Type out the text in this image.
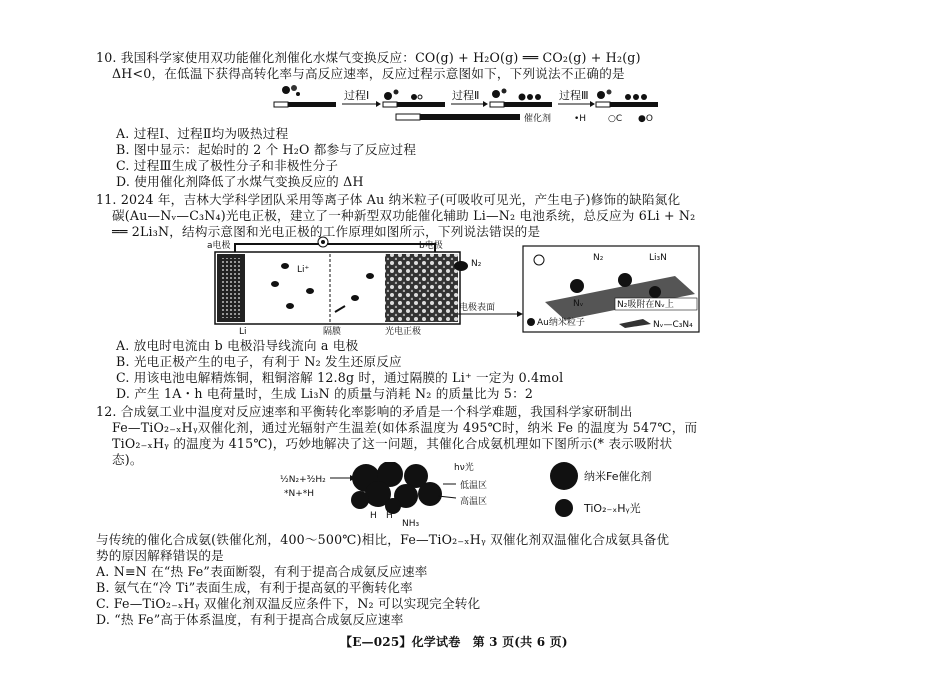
10. 我国科学家使用双功能催化剂催化水煤气变换反应：CO(g) + H₂O(g) ══ CO₂(g) + H₂(g)
ΔH<0，在低温下获得高转化率与高反应速率，反应过程示意图如下，下列说法不正确的是
过程Ⅰ	过程Ⅱ	过程Ⅲ
催化剂	•H ○C ●O
A. 过程Ⅰ、过程Ⅱ均为吸热过程
B. 图中显示：起始时的 2 个 H₂O 都参与了反应过程
C. 过程Ⅲ生成了极性分子和非极性分子
D. 使用催化剂降低了水煤气变换反应的 ΔH
11. 2024 年，吉林大学科学团队采用等离子体 Au 纳米粒子(可吸收可见光，产生电子)修饰的缺陷氮化
碳(Au—Nᵥ—C₃N₄)光电正极，建立了一种新型双功能催化辅助 Li—N₂ 电池系统，总反应为 6Li + N₂
══ 2Li₃N，结构示意图和光电正极的工作原理如图所示，下列说法错误的是
a电极	b电极
Li⁺
N₂
Li	隔膜	光电正极
电极表面
N₂	Li₃N
Nᵥ	N₂吸附在Nᵥ上
Au纳米粒子	Nᵥ—C₃N₄
A. 放电时电流由 b 电极沿导线流向 a 电极
B. 光电正极产生的电子，有利于 N₂ 发生还原反应
C. 用该电池电解精炼铜，粗铜溶解 12.8g 时，通过隔膜的 Li⁺ 一定为 0.4mol
D. 产生 1A・h 电荷量时，生成 Li₃N 的质量与消耗 N₂ 的质量比为 5：2
12. 合成氨工业中温度对反应速率和平衡转化率影响的矛盾是一个科学难题，我国科学家研制出
Fe—TiO₂₋ₓHᵧ双催化剂，通过光辐射产生温差(如体系温度为 495℃时，纳米 Fe 的温度为 547℃，而
TiO₂₋ₓHᵧ 的温度为 415℃)，巧妙地解决了这一问题，其催化合成氨机理如下图所示(* 表示吸附状
态)。
½N₂+³⁄₂H₂
*N+*H
hν光
低温区
高温区
H H
NH₃
纳米Fe催化剂
TiO₂₋ₓHᵧ光
与传统的催化合成氨(铁催化剂，400～500℃)相比，Fe—TiO₂₋ₓHᵧ 双催化剂双温催化合成氨具备优
势的原因解释错误的是
A. N≡N 在“热 Fe”表面断裂，有利于提高合成氨反应速率
B. 氨气在“冷 Ti”表面生成，有利于提高氨的平衡转化率
C. Fe—TiO₂₋ₓHᵧ 双催化剂双温反应条件下，N₂ 可以实现完全转化
D. “热 Fe”高于体系温度，有利于提高合成氨反应速率
【E—025】化学试卷　第 3 页(共 6 页)
